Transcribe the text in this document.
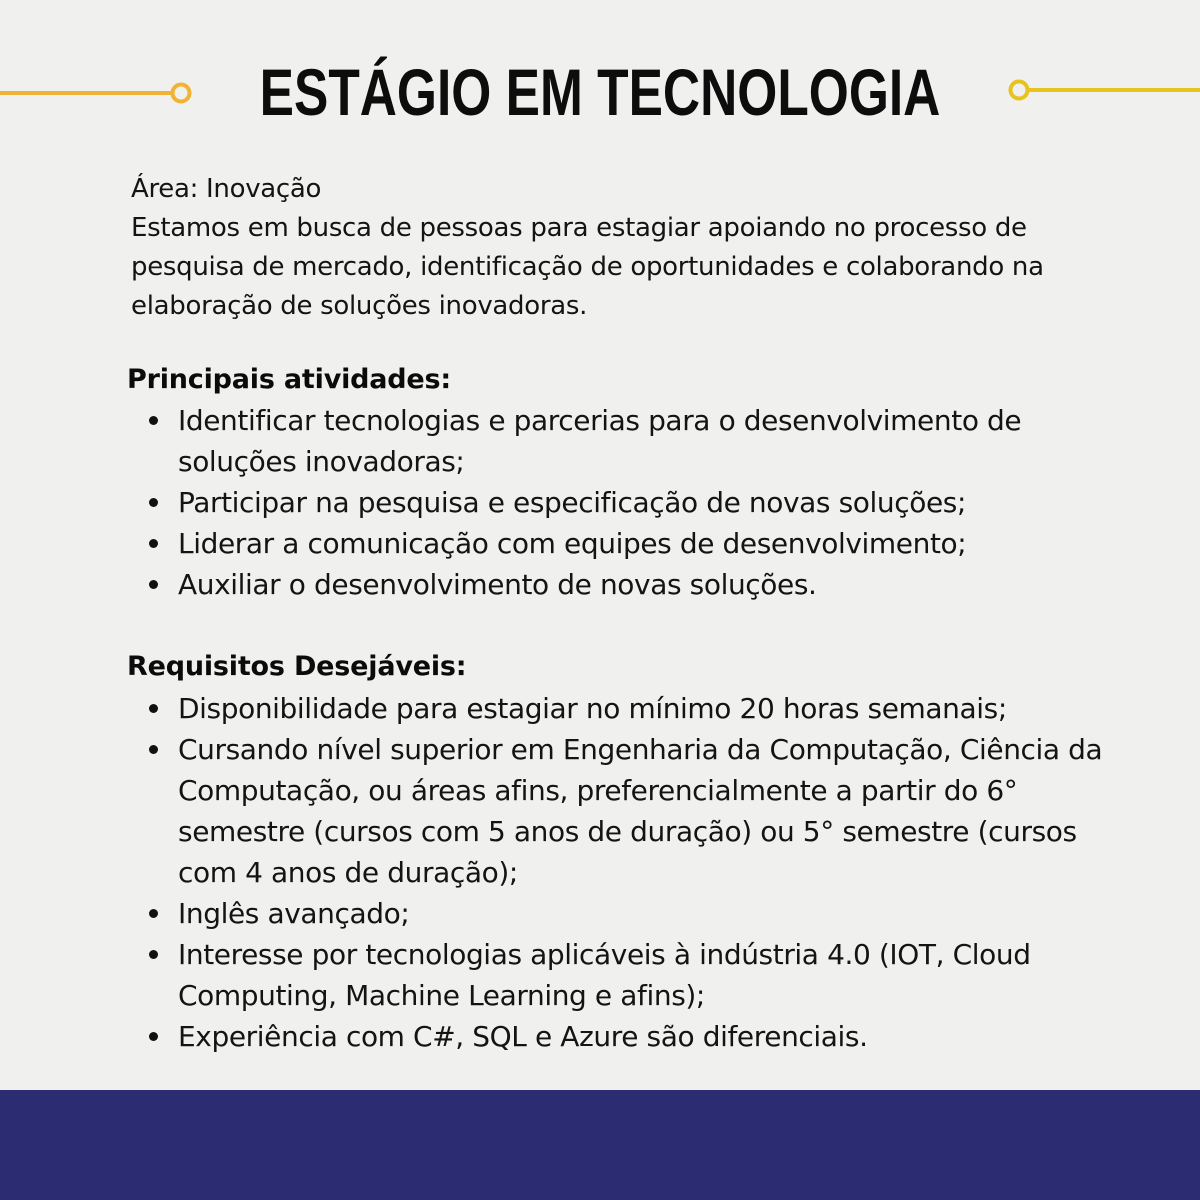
ESTÁGIO EM TECNOLOGIA

Área: Inovação

Estamos em busca de pessoas para estagiar apoiando no processo de pesquisa de mercado, identificação de oportunidades e colaborando na elaboração de soluções inovadoras.

Principais atividades:
Identificar tecnologias e parcerias para o desenvolvimento de soluções inovadoras;
Participar na pesquisa e especificação de novas soluções;
Liderar a comunicação com equipes de desenvolvimento;
Auxiliar o desenvolvimento de novas soluções.
Requisitos Desejáveis:
Disponibilidade para estagiar no mínimo 20 horas semanais;
Cursando nível superior em Engenharia da Computação, Ciência da Computação, ou áreas afins, preferencialmente a partir do 6° semestre (cursos com 5 anos de duração) ou 5° semestre (cursos com 4 anos de duração);
Inglês avançado;
Interesse por tecnologias aplicáveis à indústria 4.0 (IOT, Cloud Computing, Machine Learning e afins);
Experiência com C#, SQL e Azure são diferenciais.
